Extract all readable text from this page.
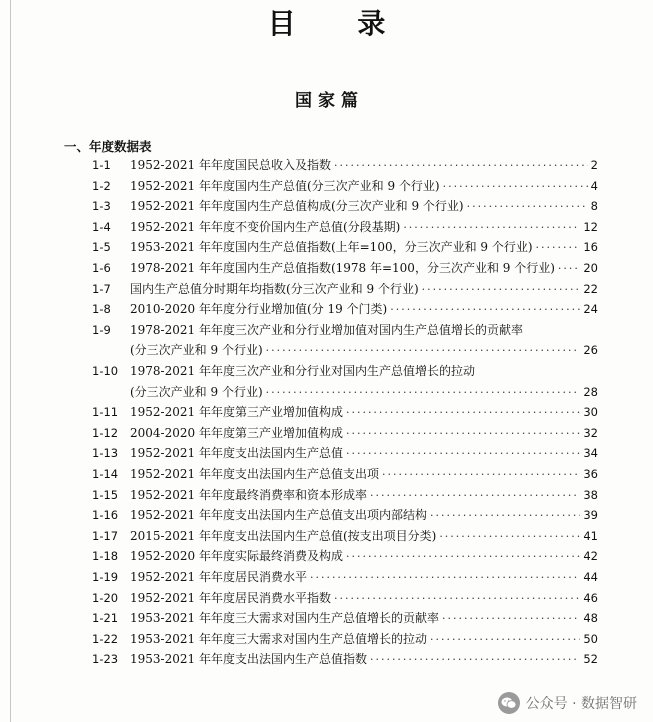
目 录
国家篇
一、年度数据表
1-1 1952-2021 年年度国民总收入及指数 ·····	2
1-2 1952-2021 年年度国内生产总值(分三次产业和 9 个行业) ·····	4
1-3 1952-2021 年年度国内生产总值构成(分三次产业和 9 个行业) ·····	8
1-4 1952-2021 年年度不变价国内生产总值(分段基期) ·····	12
1-5 1953-2021 年年度国内生产总值指数(上年=100，分三次产业和 9 个行业) ·····	16
1-6 1978-2021 年年度国内生产总值指数(1978 年=100，分三次产业和 9 个行业) ····· 20
1-7 国内生产总值分时期年均指数(分三次产业和 9 个行业) ·····	22
1-8 2010-2020 年年度分行业增加值(分 19 个门类) ·····	24
1-9 1978-2021 年年度三次产业和分行业增加值对国内生产总值增长的贡献率
(分三次产业和 9 个行业) ·····	26
1-10 1978-2021 年年度三次产业和分行业对国内生产总值增长的拉动
(分三次产业和 9 个行业) ·····	28
1-11 1952-2021 年年度第三产业增加值构成 ·····	30
1-12 2004-2020 年年度第三产业增加值构成 ·····	32
1-13 1952-2021 年年度支出法国内生产总值 ·····	34
1-14 1952-2021 年年度支出法国内生产总值支出项 ·····	36
1-15 1952-2021 年年度最终消费率和资本形成率 ·····	38
1-16 1952-2021 年年度支出法国内生产总值支出项内部结构 ·····	39
1-17 2015-2021 年年度支出法国内生产总值(按支出项目分类) ·····	41
1-18 1952-2020 年年度实际最终消费及构成 ·····	42
1-19 1952-2021 年年度居民消费水平 ·····	44
1-20 1952-2021 年年度居民消费水平指数 ·····	46
1-21 1953-2021 年年度三大需求对国内生产总值增长的贡献率 ·····	48
1-22 1953-2021 年年度三大需求对国内生产总值增长的拉动 ·····	50
1-23 1953-2021 年年度支出法国内生产总值指数 ·····	52
公众号 · 数据智研
